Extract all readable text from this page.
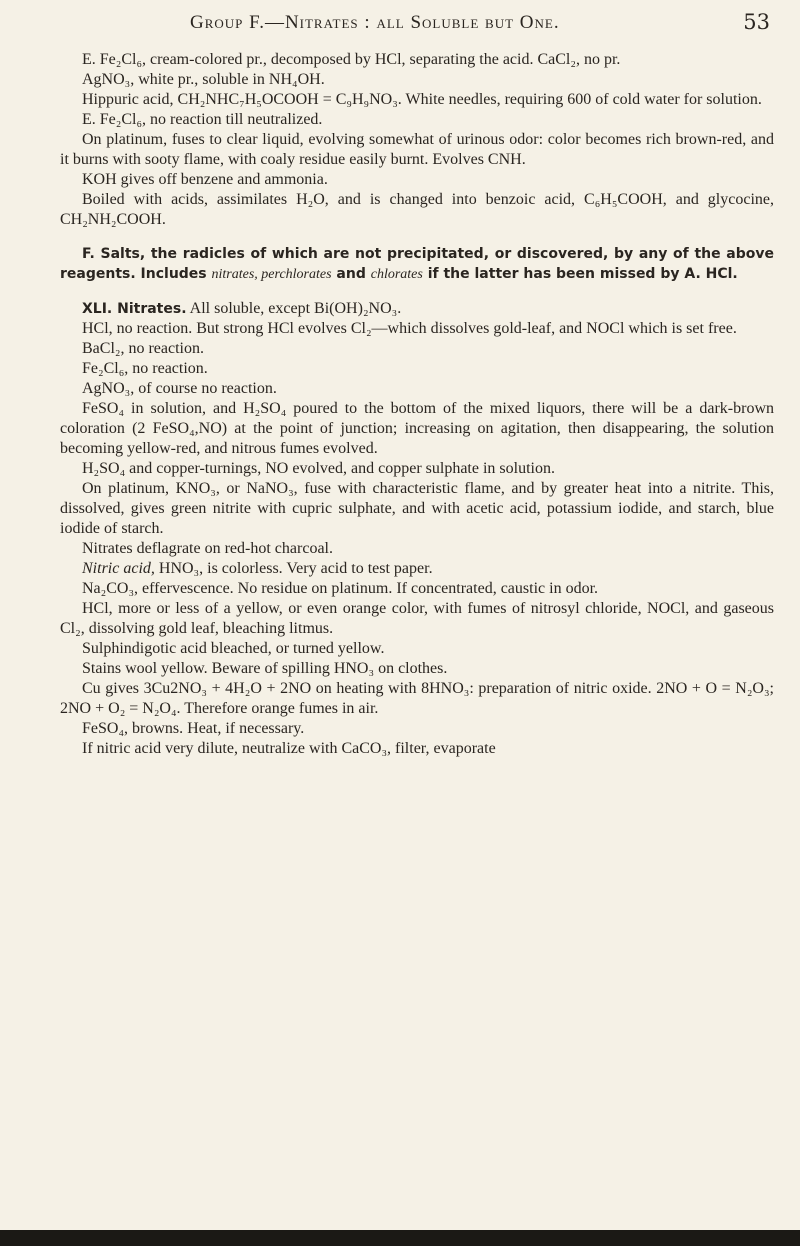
Group F.—Nitrates : all Soluble but One.	53

E. Fe₂Cl₆, cream-colored pr., decomposed by HCl, separating the acid. CaCl₂, no pr.

AgNO₃, white pr., soluble in NH₄OH.

Hippuric acid, CH₂NHC₇H₅OCOOH = C₉H₉NO₃. White needles, requiring 600 of cold water for solution.

E. Fe₂Cl₆, no reaction till neutralized.

On platinum, fuses to clear liquid, evolving somewhat of urinous odor: color becomes rich brown-red, and it burns with sooty flame, with coaly residue easily burnt. Evolves CNH.

KOH gives off benzene and ammonia.

Boiled with acids, assimilates H₂O, and is changed into benzoic acid, C₆H₅COOH, and glycocine, CH₂NH₂COOH.

F. Salts, the radicles of which are not precipitated, or discovered, by any of the above reagents. Includes nitrates, perchlorates and chlorates if the latter has been missed by A. HCl.

XLI. Nitrates. All soluble, except Bi(OH)₂NO₃.

HCl, no reaction. But strong HCl evolves Cl₂—which dissolves gold-leaf, and NOCl which is set free.

BaCl₂, no reaction.

Fe₂Cl₆, no reaction.

AgNO₃, of course no reaction.

FeSO₄ in solution, and H₂SO₄ poured to the bottom of the mixed liquors, there will be a dark-brown coloration (2 FeSO₄,NO) at the point of junction; increasing on agitation, then disappearing, the solution becoming yellow-red, and nitrous fumes evolved.

H₂SO₄ and copper-turnings, NO evolved, and copper sulphate in solution.

On platinum, KNO₃, or NaNO₃, fuse with characteristic flame, and by greater heat into a nitrite. This, dissolved, gives green nitrite with cupric sulphate, and with acetic acid, potassium iodide, and starch, blue iodide of starch.

Nitrates deflagrate on red-hot charcoal.

Nitric acid, HNO₃, is colorless. Very acid to test paper.

Na₂CO₃, effervescence. No residue on platinum. If concentrated, caustic in odor.

HCl, more or less of a yellow, or even orange color, with fumes of nitrosyl chloride, NOCl, and gaseous Cl₂, dissolving gold leaf, bleaching litmus.

Sulphindigotic acid bleached, or turned yellow.

Stains wool yellow. Beware of spilling HNO₃ on clothes.

Cu gives 3Cu2NO₃ + 4H₂O + 2NO on heating with 8HNO₃: preparation of nitric oxide. 2NO + O = N₂O₃; 2NO + O₂ = N₂O₄. Therefore orange fumes in air.

FeSO₄, browns. Heat, if necessary.

If nitric acid very dilute, neutralize with CaCO₃, filter, evaporate
